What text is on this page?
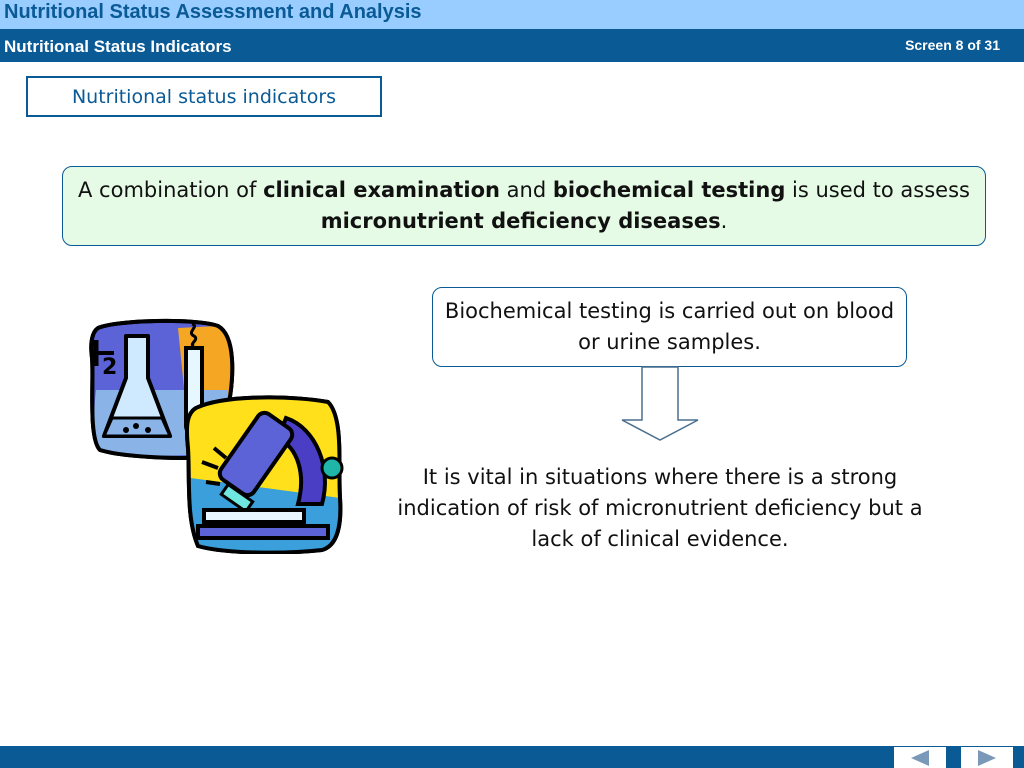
Nutritional Status Assessment and Analysis
Nutritional Status Indicators	Screen 8 of 31
Nutritional status indicators
A combination of clinical examination and biochemical testing is used to assess micronutrient deficiency diseases.
2
Biochemical testing is carried out on blood or urine samples.
It is vital in situations where there is a strong indication of risk of micronutrient deficiency but a lack of clinical evidence.
